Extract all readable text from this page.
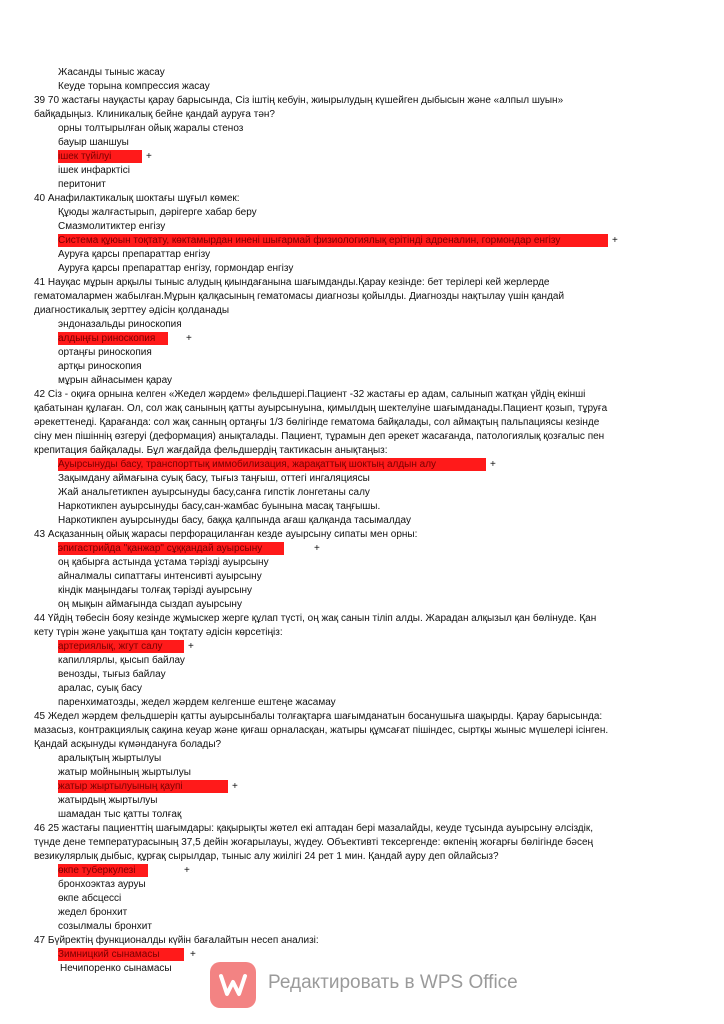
Жасанды тыныс жасау
Кеуде торына компрессия жасау
39 70 жастағы науқасты қарау барысында, Сіз іштің кебуін, жиырылудың күшейген дыбысын және «алпыл шуын»
байқадыңыз. Клиникалық бейне қандай ауруға тән?
орны толтырылған ойық жаралы стеноз
бауыр шаншуы
ішек түйілуі	+
ішек инфарктісі
перитонит
40 Анафилактикалық шоктағы шұғыл көмек:
Құюды жалғастырып, дәрігерге хабар беру
Смазмолитиктер енгізу
Система құюын тоқтату, көктамырдан инені шығармай физиологиялық ерітінді адреналин, гормондар енгізу	+
Ауруға қарсы препараттар енгізу
Ауруға қарсы препараттар енгізу, гормондар енгізу
41 Науқас мұрын арқылы тыныс алудың қиындағанына шағымданды.Қарау кезінде: бет терілері кей жерлерде
гематомалармен жабылған.Мұрын қалқасының гематомасы диагнозы қойылды. Диагнозды нақтылау үшін қандай
диагностикалық зерттеу әдісін қолданады
эндоназальды риноскопия
алдыңғы риноскопия	+
ортаңғы риноскопия
артқы риноскопия
мұрын айнасымен қарау
42 Сіз - оқиға орнына келген «Жедел жәрдем» фельдшері.Пациент -32 жастағы ер адам, салынып жатқан үйдің екінші
қабатынан құлаған. Ол, сол жақ санының қатты ауырсынуына, қимылдың шектелуіне шағымданады.Пациент қозып, тұруға
әрекеттенеді. Қарағанда: сол жақ санның ортаңғы 1/3 бөлігінде гематома байқалады, сол аймақтың пальпациясы кезінде
сіну мен пішіннің өзгеруі (деформация) анықталады. Пациент, тұрамын деп әрекет жасағанда, патологиялық қозғалыс пен
крепитация байқалады. Бұл жағдайда фельдшердің тактикасын анықтаңыз:
Ауырсынуды басу, транспорттық иммобилизация, жарақаттық шоктың алдын алу	+
Зақымдану аймағына суық басу, тығыз таңғыш, оттегі ингаляциясы
Жай анальгетикпен ауырсынуды басу,санға гипстік лонгетаны салу
Наркотикпен ауырсынуды басу,сан-жамбас буынына масақ таңғышы.
Наркотикпен ауырсынуды басу, баққа қалпында ағаш қалқанда тасымалдау
43 Асқазанның ойық жарасы перфорациланған кезде ауырсыну сипаты мен орны:
эпигастрийда "қанжар" сұққандай ауырсыну	+
оң қабырға астында ұстама тәрізді ауырсыну
айналмалы сипаттағы интенсивті ауырсыну
кіндік маңындағы толғақ тәрізді ауырсыну
оң мықын аймағында сыздап ауырсыну
44 Үйдің төбесін бояу кезінде жұмыскер жерге құлап түсті, оң жақ санын тіліп алды. Жарадан алқызыл қан бөлінуде. Қан
кету түрін және уақытша қан тоқтату әдісін көрсетіңіз:
артериялық, жгут салу	+
капиллярлы, қысып байлау
венозды, тығыз байлау
аралас, суық басу
паренхиматозды, жедел жәрдем келгенше ештеңе жасамау
45 Жедел жәрдем фельдшерін қатты ауырсынбалы толғақтарға шағымданатын босанушыға шақырды. Қарау барысында:
мазасыз, контракциялық сақина кеуар және қиғаш орналасқан, жатыры құмсағат пішіндес, сыртқы жыныс мүшелері ісінген.
Қандай асқынуды күмәндануға болады?
аралықтың жыртылуы
жатыр мойнының жыртылуы
жатыр жыртылуының қаупі	+
жатырдың жыртылуы
шамадан тыс қатты толғақ
46 25 жастағы пациенттің шағымдары: қақырықты жөтел екі аптадан бері мазалайды, кеуде тұсында ауырсыну әлсіздік,
түнде дене температурасының 37,5 дейін жоғарылауы, жүдеу. Объективті тексергенде: өкпенің жоғарғы бөлігінде бәсең
везикулярлық дыбыс, құрғақ сырылдар, тыныс алу жиілігі 24 рет 1 мин. Қандай ауру деп ойлайсыз?
өкпе туберкулезі	+
бронхоэктаз ауруы
өкпе абсцессі
жедел бронхит
созылмалы бронхит
47 Бүйректің функционалды күйін бағалайтын несеп анализі:
Зимницкий сынамасы	+
Нечипоренко сынамасы
Редактировать в WPS Office
